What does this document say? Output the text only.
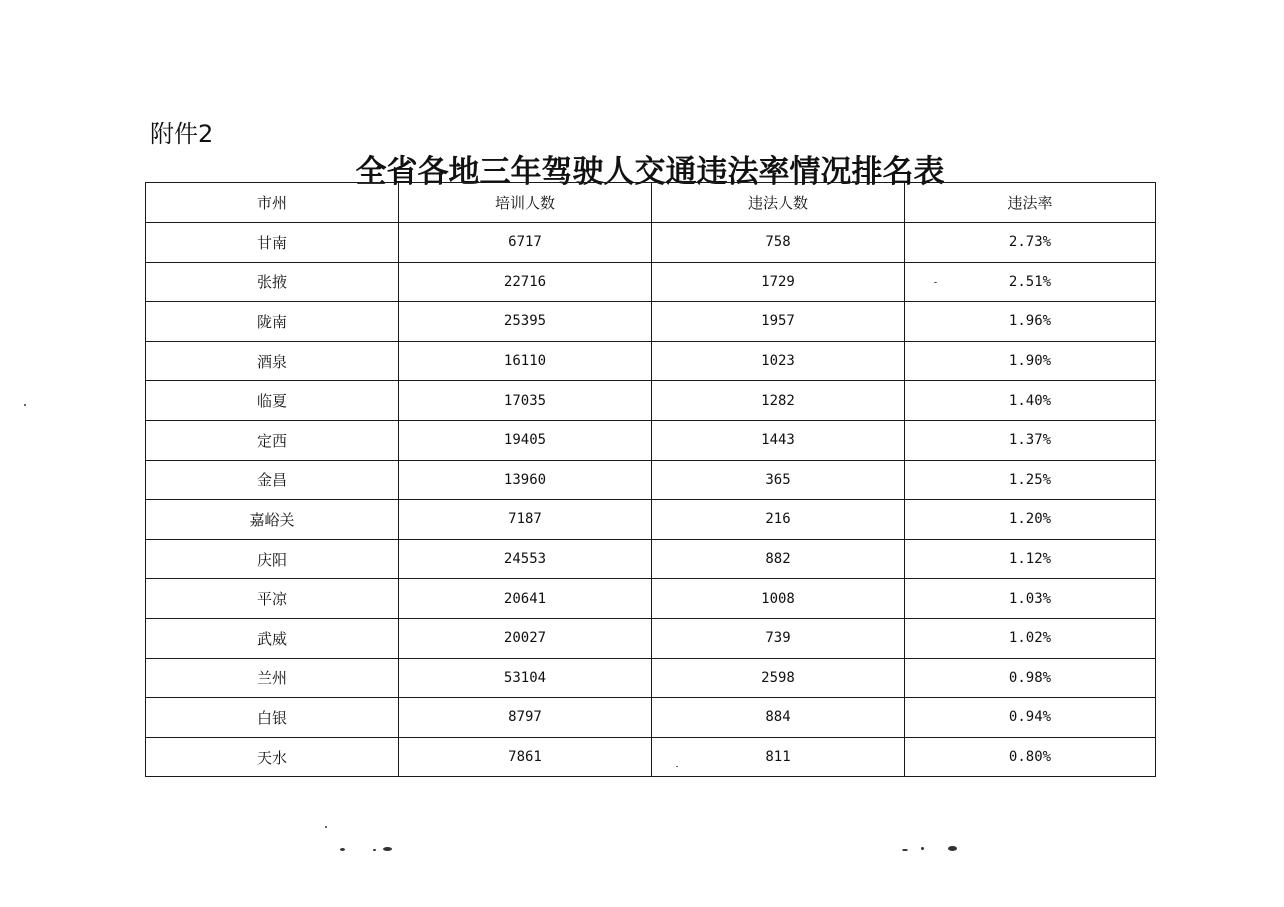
附件2
全省各地三年驾驶人交通违法率情况排名表
市州	培训人数	违法人数	违法率
甘南	6717	758	2.73%
张掖	22716	1729	2.51%
陇南	25395	1957	1.96%
酒泉	16110	1023	1.90%
临夏	17035	1282	1.40%
定西	19405	1443	1.37%
金昌	13960	365	1.25%
嘉峪关	7187	216	1.20%
庆阳	24553	882	1.12%
平凉	20641	1008	1.03%
武威	20027	739	1.02%
兰州	53104	2598	0.98%
白银	8797	884	0.94%
天水	7861	811	0.80%
